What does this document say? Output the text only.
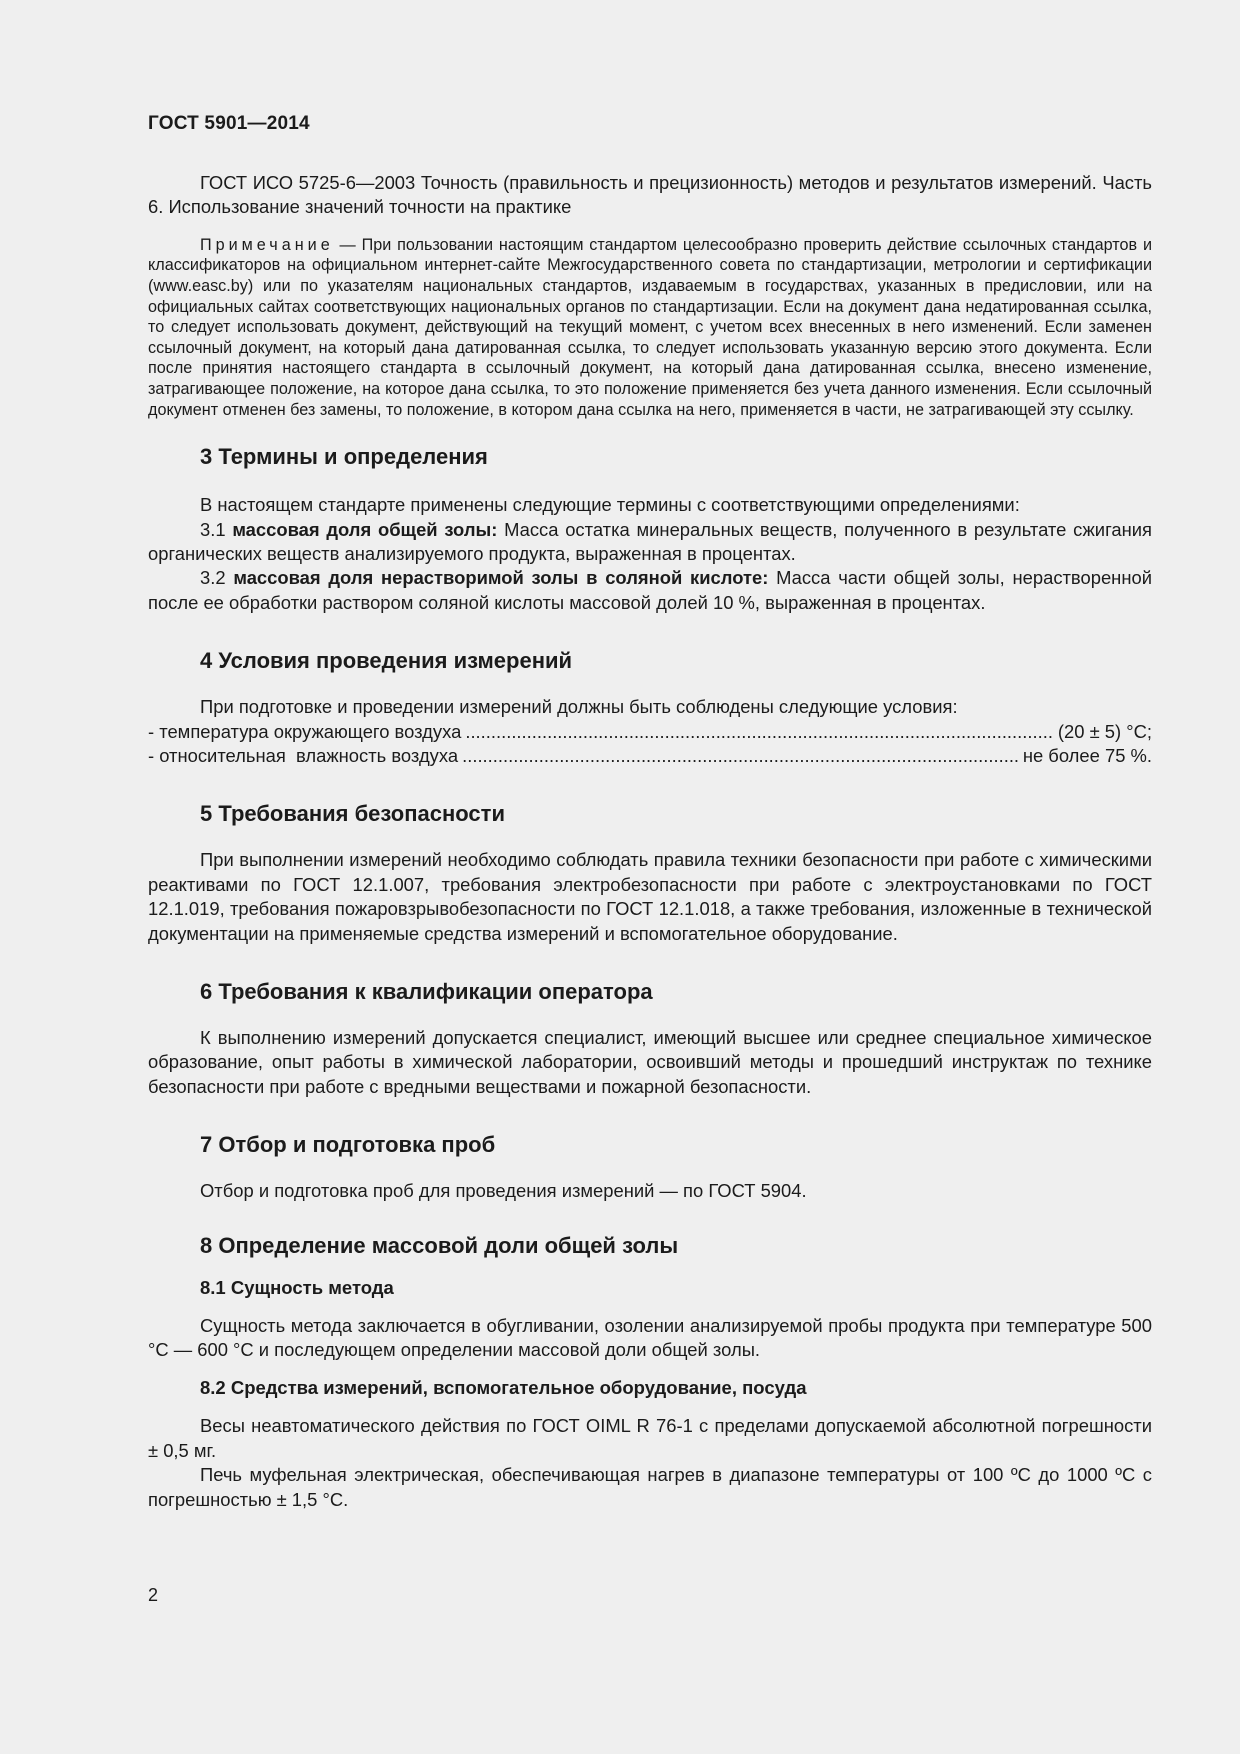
ГОСТ 5901—2014

ГОСТ ИСО 5725-6—2003 Точность (правильность и прецизионность) методов и результатов измерений. Часть 6. Использование значений точности на практике

Примечание — При пользовании настоящим стандартом целесообразно проверить действие ссылочных стандартов и классификаторов на официальном интернет-сайте Межгосударственного совета по стандартизации, метрологии и сертификации (www.easc.by) или по указателям национальных стандартов, издаваемым в государствах, указанных в предисловии, или на официальных сайтах соответствующих национальных органов по стандартизации. Если на документ дана недатированная ссылка, то следует использовать документ, действующий на текущий момент, с учетом всех внесенных в него изменений. Если заменен ссылочный документ, на который дана датированная ссылка, то следует использовать указанную версию этого документа. Если после принятия настоящего стандарта в ссылочный документ, на который дана датированная ссылка, внесено изменение, затрагивающее положение, на которое дана ссылка, то это положение применяется без учета данного изменения. Если ссылочный документ отменен без замены, то положение, в котором дана ссылка на него, применяется в части, не затрагивающей эту ссылку.

3 Термины и определения

В настоящем стандарте применены следующие термины с соответствующими определениями:

3.1 массовая доля общей золы: Масса остатка минеральных веществ, полученного в результате сжигания органических веществ анализируемого продукта, выраженная в процентах.

3.2 массовая доля нерастворимой золы в соляной кислоте: Масса части общей золы, нерастворенной после ее обработки раствором соляной кислоты массовой долей 10 %, выраженная в процентах.

4 Условия проведения измерений

При подготовке и проведении измерений должны быть соблюдены следующие условия:

- температура окружающего воздуха .....	(20 ± 5) °C;
- относительная  влажность воздуха .....	не более 75 %.
5 Требования безопасности

При выполнении измерений необходимо соблюдать правила техники безопасности при работе с химическими реактивами по ГОСТ 12.1.007, требования электробезопасности при работе с электроустановками по ГОСТ 12.1.019, требования пожаровзрывобезопасности по ГОСТ 12.1.018, а также требования, изложенные в технической документации на применяемые средства измерений и вспомогательное оборудование.

6 Требования к квалификации оператора

К выполнению измерений допускается специалист, имеющий высшее или среднее специальное химическое образование, опыт работы в химической лаборатории, освоивший методы и прошедший инструктаж по технике безопасности при работе с вредными веществами и пожарной безопасности.

7 Отбор и подготовка проб

Отбор и подготовка проб для проведения измерений — по ГОСТ 5904.

8 Определение массовой доли общей золы
8.1 Сущность метода

Сущность метода заключается в обугливании, озолении анализируемой пробы продукта при температуре 500 °С — 600 °С и последующем определении массовой доли общей золы.

8.2 Средства измерений, вспомогательное оборудование, посуда

Весы неавтоматического действия по ГОСТ OIML R 76-1 с пределами допускаемой абсолютной погрешности ± 0,5 мг.

Печь муфельная электрическая, обеспечивающая нагрев в диапазоне температуры от 100 ºС до 1000 ºС с погрешностью ± 1,5 °С.

2
